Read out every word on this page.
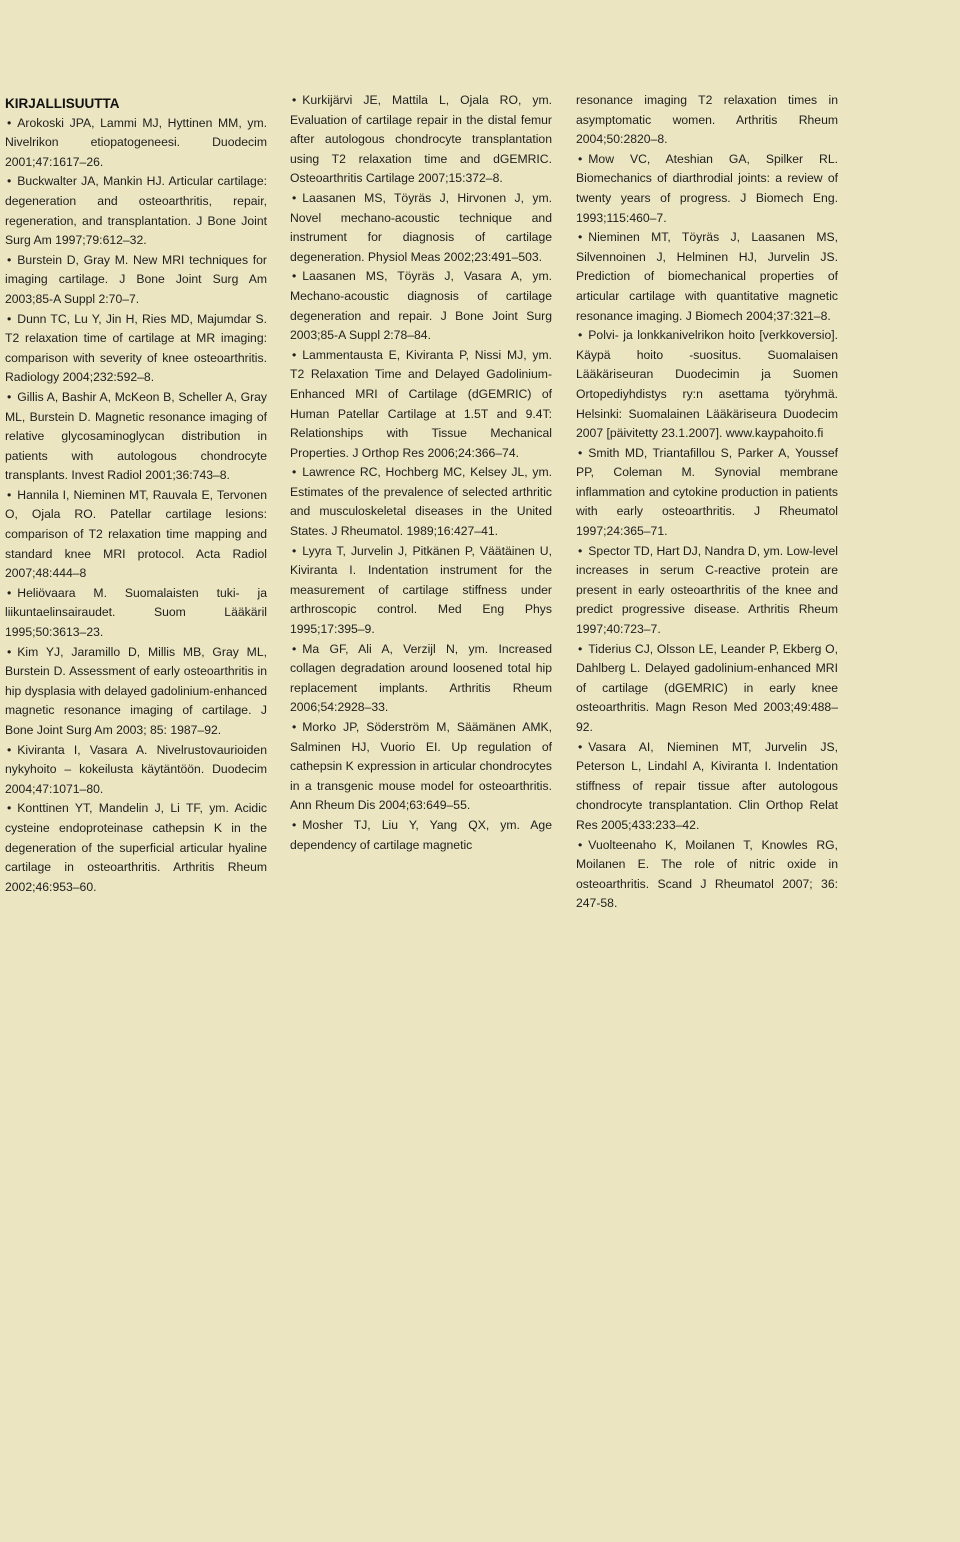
KIRJALLISUUTTA
• Arokoski JPA, Lammi MJ, Hyttinen MM, ym. Nivelrikon etiopatogeneesi. Duodecim 2001;47:1617–26.
• Buckwalter JA, Mankin HJ. Articular cartilage: degeneration and osteoarthritis, repair, regeneration, and transplantation. J Bone Joint Surg Am 1997;79:612–32.
• Burstein D, Gray M. New MRI techniques for imaging cartilage. J Bone Joint Surg Am 2003;85-A Suppl 2:70–7.
• Dunn TC, Lu Y, Jin H, Ries MD, Majumdar S. T2 relaxation time of cartilage at MR imaging: comparison with severity of knee osteoarthritis. Radiology 2004;232:592–8.
• Gillis A, Bashir A, McKeon B, Scheller A, Gray ML, Burstein D. Magnetic resonance imaging of relative glycosaminoglycan distribution in patients with autologous chondrocyte transplants. Invest Radiol 2001;36:743–8.
• Hannila I, Nieminen MT, Rauvala E, Tervonen O, Ojala RO. Patellar cartilage lesions: comparison of T2 relaxation time mapping and standard knee MRI protocol. Acta Radiol 2007;48:444–8
• Heliövaara M. Suomalaisten tuki- ja liikuntaelinsairaudet. Suom Lääkäril 1995;50:3613–23.
• Kim YJ, Jaramillo D, Millis MB, Gray ML, Burstein D. Assessment of early osteoarthritis in hip dysplasia with delayed gadolinium-enhanced magnetic resonance imaging of cartilage. J Bone Joint Surg Am 2003; 85: 1987–92.
• Kiviranta I, Vasara A. Nivelrustovaurioiden nykyhoito – kokeilusta käytäntöön. Duodecim 2004;47:1071–80.
• Konttinen YT, Mandelin J, Li TF, ym. Acidic cysteine endoproteinase cathepsin K in the degeneration of the superficial articular hyaline cartilage in osteoarthritis. Arthritis Rheum 2002;46:953–60.
• Kurkijärvi JE, Mattila L, Ojala RO, ym. Evaluation of cartilage repair in the distal femur after autologous chondrocyte transplantation using T2 relaxation time and dGEMRIC. Osteoarthritis Cartilage 2007;15:372–8.
• Laasanen MS, Töyräs J, Hirvonen J, ym. Novel mechano-acoustic technique and instrument for diagnosis of cartilage degeneration. Physiol Meas 2002;23:491–503.
• Laasanen MS, Töyräs J, Vasara A, ym. Mechano-acoustic diagnosis of cartilage degeneration and repair. J Bone Joint Surg 2003;85-A Suppl 2:78–84.
• Lammentausta E, Kiviranta P, Nissi MJ, ym. T2 Relaxation Time and Delayed Gadolinium-Enhanced MRI of Cartilage (dGEMRIC) of Human Patellar Cartilage at 1.5T and 9.4T: Relationships with Tissue Mechanical Properties. J Orthop Res 2006;24:366–74.
• Lawrence RC, Hochberg MC, Kelsey JL, ym. Estimates of the prevalence of selected arthritic and musculoskeletal diseases in the United States. J Rheumatol. 1989;16:427–41.
• Lyyra T, Jurvelin J, Pitkänen P, Väätäinen U, Kiviranta I. Indentation instrument for the measurement of cartilage stiffness under arthroscopic control. Med Eng Phys 1995;17:395–9.
• Ma GF, Ali A, Verzijl N, ym. Increased collagen degradation around loosened total hip replacement implants. Arthritis Rheum 2006;54:2928–33.
• Morko JP, Söderström M, Säämänen AMK, Salminen HJ, Vuorio EI. Up regulation of cathepsin K expression in articular chondrocytes in a transgenic mouse model for osteoarthritis. Ann Rheum Dis 2004;63:649–55.
• Mosher TJ, Liu Y, Yang QX, ym. Age dependency of cartilage magnetic
resonance imaging T2 relaxation times in asymptomatic women. Arthritis Rheum 2004;50:2820–8.
• Mow VC, Ateshian GA, Spilker RL. Biomechanics of diarthrodial joints: a review of twenty years of progress. J Biomech Eng. 1993;115:460–7.
• Nieminen MT, Töyräs J, Laasanen MS, Silvennoinen J, Helminen HJ, Jurvelin JS. Prediction of biomechanical properties of articular cartilage with quantitative magnetic resonance imaging. J Biomech 2004;37:321–8.
• Polvi- ja lonkkanivelrikon hoito [verkkoversio]. Käypä hoito -suositus. Suomalaisen Lääkäriseuran Duodecimin ja Suomen Ortopediyhdistys ry:n asettama työryhmä. Helsinki: Suomalainen Lääkäriseura Duodecim 2007 [päivitetty 23.1.2007]. www.kaypahoito.fi
• Smith MD, Triantafillou S, Parker A, Youssef PP, Coleman M. Synovial membrane inflammation and cytokine production in patients with early osteoarthritis. J Rheumatol 1997;24:365–71.
• Spector TD, Hart DJ, Nandra D, ym. Low-level increases in serum C-reactive protein are present in early osteoarthritis of the knee and predict progressive disease. Arthritis Rheum 1997;40:723–7.
• Tiderius CJ, Olsson LE, Leander P, Ekberg O, Dahlberg L. Delayed gadolinium-enhanced MRI of cartilage (dGEMRIC) in early knee osteoarthritis. Magn Reson Med 2003;49:488–92.
• Vasara AI, Nieminen MT, Jurvelin JS, Peterson L, Lindahl A, Kiviranta I. Indentation stiffness of repair tissue after autologous chondrocyte transplantation. Clin Orthop Relat Res 2005;433:233–42.
• Vuolteenaho K, Moilanen T, Knowles RG, Moilanen E. The role of nitric oxide in osteoarthritis. Scand J Rheumatol 2007; 36: 247-58.
